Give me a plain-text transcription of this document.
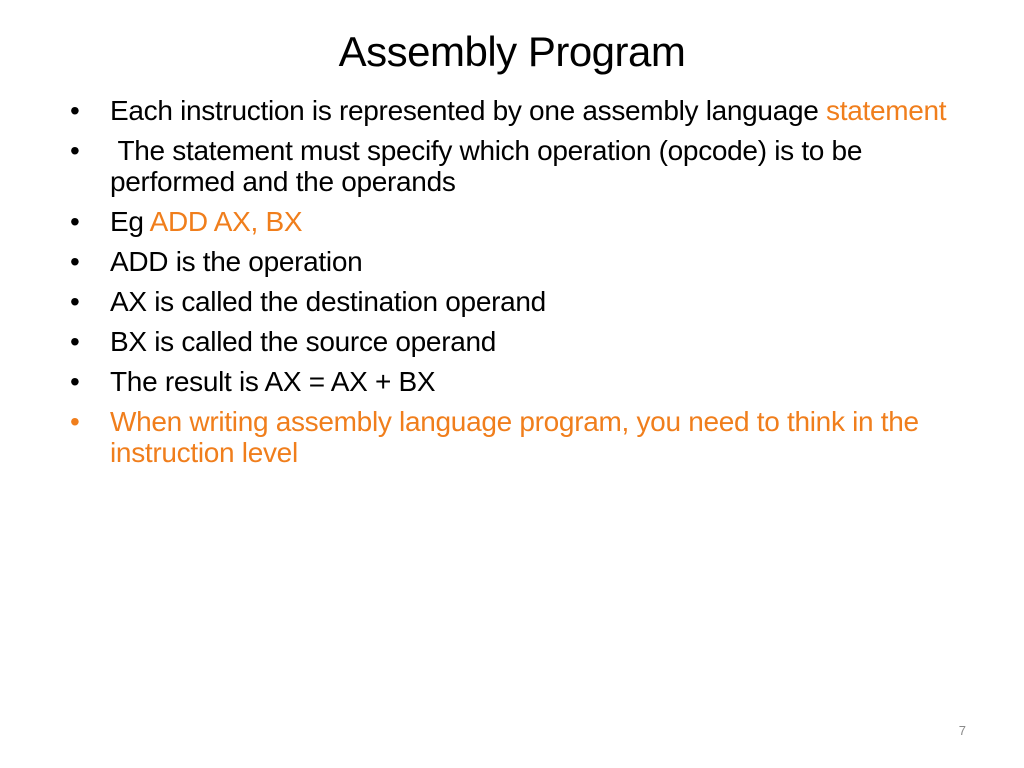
Assembly Program
•	Each instruction is represented by one assembly language statement
•	The statement must specify which operation (opcode) is to be performed and the operands
•	Eg ADD AX, BX
•	ADD is the operation
•	AX is called the destination operand
•	BX is called the source operand
•	The result is AX = AX + BX
•	When writing assembly language program, you need to think in the instruction level
7
